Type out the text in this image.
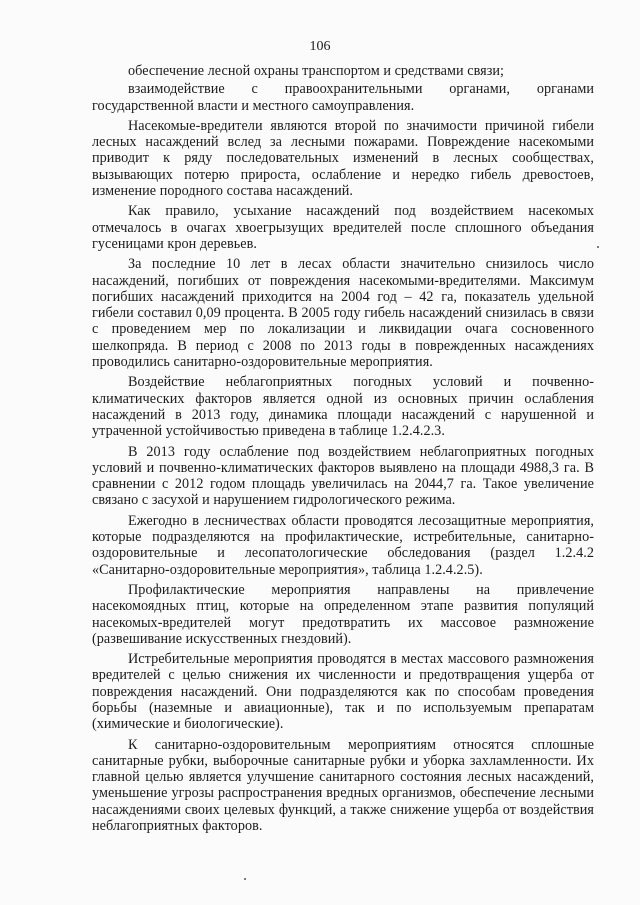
106

обеспечение лесной охраны транспортом и средствами связи;

взаимодействие с правоохранительными органами, органами государственной власти и местного самоуправления.

Насекомые-вредители являются второй по значимости причиной гибели лесных насаждений вслед за лесными пожарами. Повреждение насекомыми приводит к ряду последовательных изменений в лесных сообществах, вызывающих потерю прироста, ослабление и нередко гибель древостоев, изменение породного состава насаждений.

Как правило, усыхание насаждений под воздействием насекомых отмечалось в очагах хвоегрызущих вредителей после сплошного объедания гусеницами крон деревьев.

За последние 10 лет в лесах области значительно снизилось число насаждений, погибших от повреждения насекомыми-вредителями. Максимум погибших насаждений приходится на 2004 год – 42 га, показатель удельной гибели составил 0,09 процента. В 2005 году гибель насаждений снизилась в связи с проведением мер по локализации и ликвидации очага сосновенного шелкопряда. В период с 2008 по 2013 годы в поврежденных насаждениях проводились санитарно-оздоровительные мероприятия.

Воздействие неблагоприятных погодных условий и почвенно-климатических факторов является одной из основных причин ослабления насаждений в 2013 году, динамика площади насаждений с нарушенной и утраченной устойчивостью приведена в таблице 1.2.4.2.3.

В 2013 году ослабление под воздействием неблагоприятных погодных условий и почвенно-климатических факторов выявлено на площади 4988,3 га. В сравнении с 2012 годом площадь увеличилась на 2044,7 га. Такое увеличение связано с засухой и нарушением гидрологического режима.

Ежегодно в лесничествах области проводятся лесозащитные мероприятия, которые подразделяются на профилактические, истребительные, санитарно-оздоровительные и лесопатологические обследования (раздел 1.2.4.2 «Санитарно-оздоровительные мероприятия», таблица 1.2.4.2.5).

Профилактические мероприятия направлены на привлечение насекомоядных птиц, которые на определенном этапе развития популяций насекомых-вредителей могут предотвратить их массовое размножение (развешивание искусственных гнездовий).

Истребительные мероприятия проводятся в местах массового размножения вредителей с целью снижения их численности и предотвращения ущерба от повреждения насаждений. Они подразделяются как по способам проведения борьбы (наземные и авиационные), так и по используемым препаратам (химические и биологические).

К санитарно-оздоровительным мероприятиям относятся сплошные санитарные рубки, выборочные санитарные рубки и уборка захламленности. Их главной целью является улучшение санитарного состояния лесных насаждений, уменьшение угрозы распространения вредных организмов, обеспечение лесными насаждениями своих целевых функций, а также снижение ущерба от воздействия неблагоприятных факторов.
